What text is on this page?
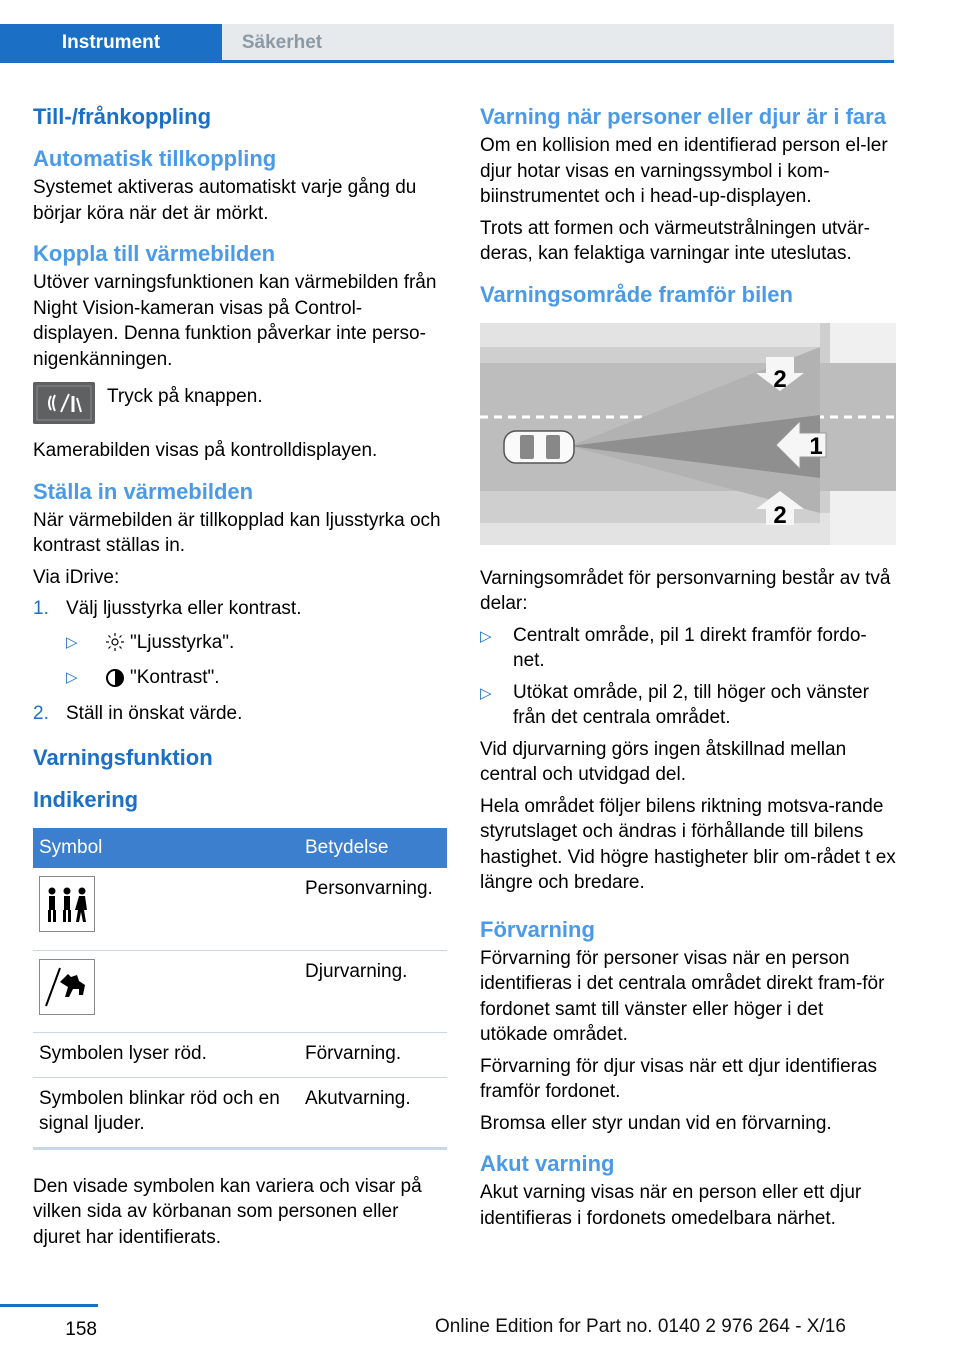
Instrument	Säkerhet
Till-/frånkoppling
Automatisk tillkoppling

Systemet aktiveras automatiskt varje gång du börjar köra när det är mörkt.

Koppla till värmebilden

Utöver varningsfunktionen kan värmebilden från Night Vision-kameran visas på Control-displayen. Denna funktion påverkar inte perso-nigenkänningen.

Tryck på knappen.

Kamerabilden visas på kontrolldisplayen.

Ställa in värmebilden

När värmebilden är tillkopplad kan ljusstyrka och kontrast ställas in.

Via iDrive:

1. Välj ljusstyrka eller kontrast.
▷	"Ljusstyrka".
▷	"Kontrast".
2. Ställ in önskat värde.
Varningsfunktion
Indikering
Symbol	Betydelse
	Personvarning.
	Djurvarning.
Symbolen lyser röd.	Förvarning.
Symbolen blinkar röd och en signal ljuder.	Akutvarning.

Den visade symbolen kan variera och visar på vilken sida av körbanan som personen eller djuret har identifierats.

Varning när personer eller djur är i fara

Om en kollision med en identifierad person el-ler djur hotar visas en varningssymbol i kom-biinstrumentet och i head-up-displayen.

Trots att formen och värmeutstrålningen utvär-deras, kan felaktiga varningar inte uteslutas.

Varningsområde framför bilen
2
1
2

Varningsområdet för personvarning består av två delar:

▷	Centralt område, pil 1 direkt framför fordo-net.
▷	Utökat område, pil 2, till höger och vänster från det centrala området.

Vid djurvarning görs ingen åtskillnad mellan central och utvidgad del.

Hela området följer bilens riktning motsva-rande styrutslaget och ändras i förhållande till bilens hastighet. Vid högre hastigheter blir om-rådet t ex längre och bredare.

Förvarning

Förvarning för personer visas när en person identifieras i det centrala området direkt fram-för fordonet samt till vänster eller höger i det utökade området.

Förvarning för djur visas när ett djur identifieras framför fordonet.

Bromsa eller styr undan vid en förvarning.

Akut varning

Akut varning visas när en person eller ett djur identifieras i fordonets omedelbara närhet.

158	Online Edition for Part no. 0140 2 976 264 - X/16
